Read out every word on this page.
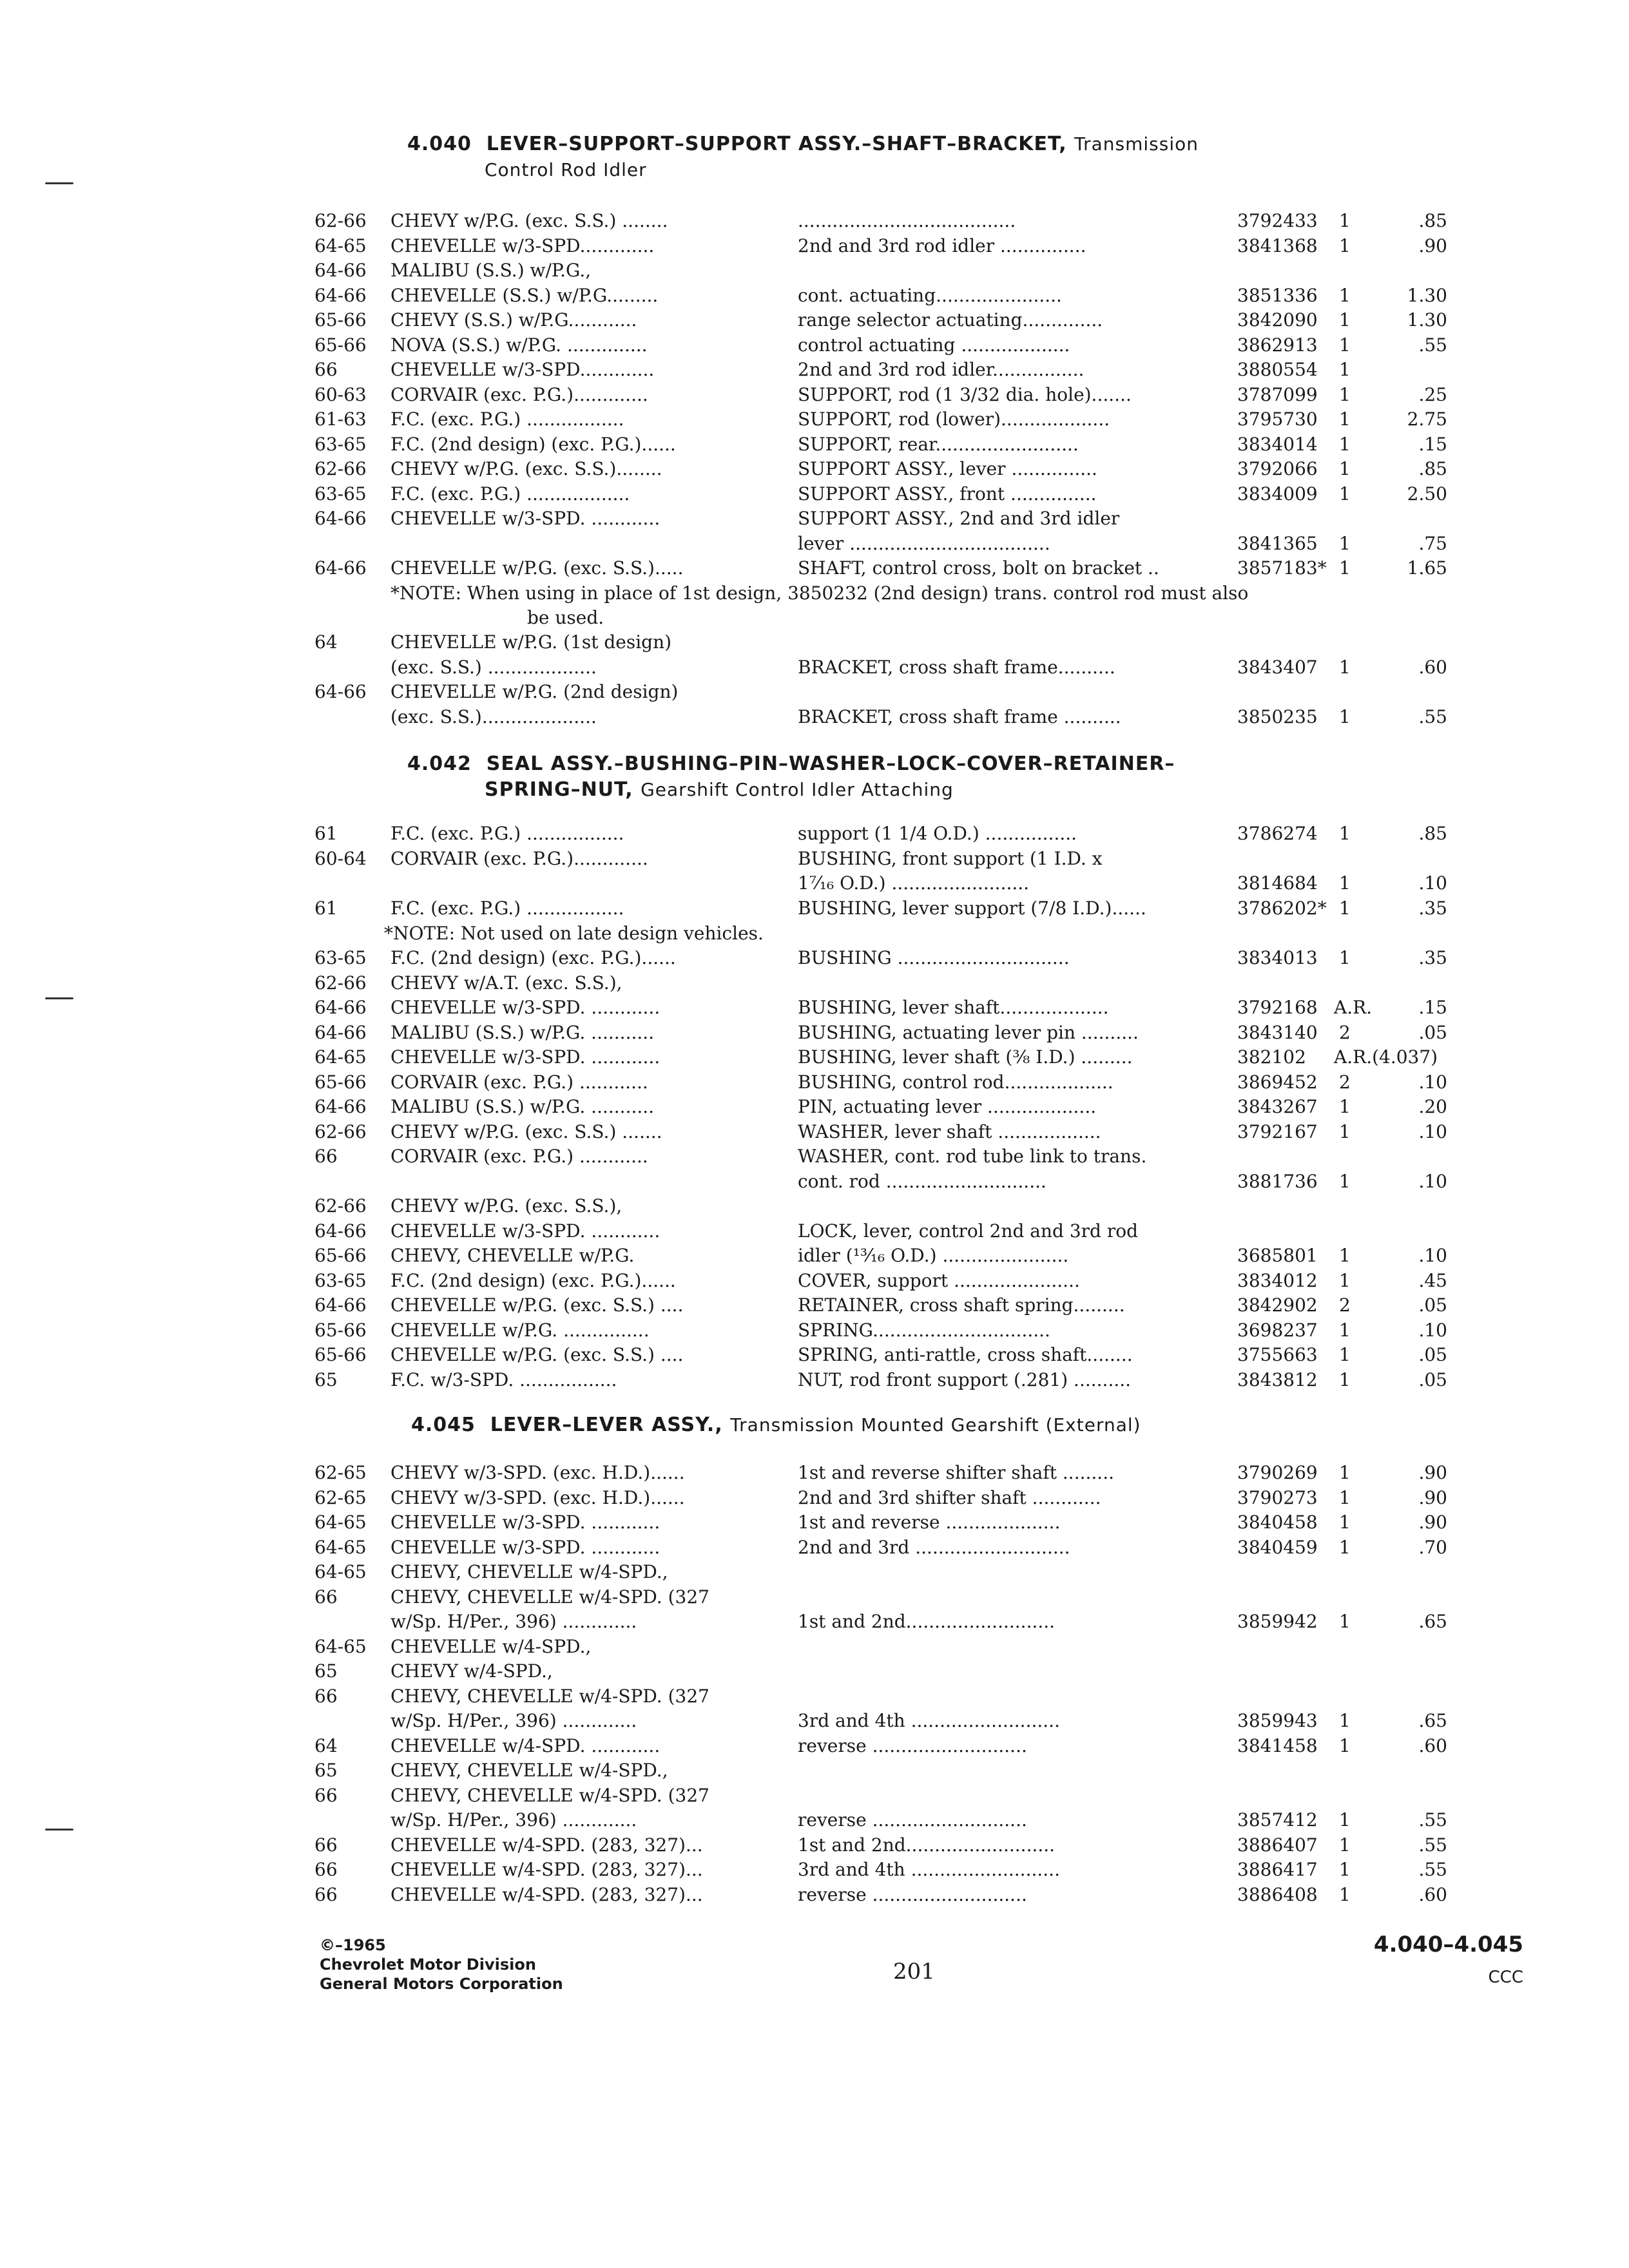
4.040 LEVER–SUPPORT–SUPPORT ASSY.–SHAFT–BRACKET, Transmission
Control Rod Idler
62-66 CHEVY w/P.G. (exc. S.S.) ........	......................................	3792433 1	.85
64-65 CHEVELLE w/3-SPD.............	2nd and 3rd rod idler ...............	3841368 1	.90
64-66 MALIBU (S.S.) w/P.G.,
64-66 CHEVELLE (S.S.) w/P.G.........	cont. actuating......................	3851336 1	1.30
65-66 CHEVY (S.S.) w/P.G............	range selector actuating..............	3842090 1	1.30
65-66 NOVA (S.S.) w/P.G. ..............	control actuating ...................	3862913 1	.55
66	CHEVELLE w/3-SPD.............	2nd and 3rd rod idler................	3880554 1
60-63 CORVAIR (exc. P.G.).............	SUPPORT, rod (1 3/32 dia. hole).......	3787099 1	.25
61-63 F.C. (exc. P.G.) .................	SUPPORT, rod (lower)...................	3795730 1	2.75
63-65 F.C. (2nd design) (exc. P.G.)......	SUPPORT, rear.........................	3834014 1	.15
62-66 CHEVY w/P.G. (exc. S.S.)........	SUPPORT ASSY., lever ...............	3792066 1	.85
63-65 F.C. (exc. P.G.) ..................	SUPPORT ASSY., front ...............	3834009 1	2.50
64-66 CHEVELLE w/3-SPD. ............	SUPPORT ASSY., 2nd and 3rd idler
lever ...................................	3841365 1	.75
64-66 CHEVELLE w/P.G. (exc. S.S.).....	SHAFT, control cross, bolt on bracket ..	3857183* 1	1.65
*NOTE: When using in place of 1st design, 3850232 (2nd design) trans. control rod must also
be used.
64	CHEVELLE w/P.G. (1st design)
(exc. S.S.) ...................	BRACKET, cross shaft frame..........	3843407 1	.60
64-66 CHEVELLE w/P.G. (2nd design)
(exc. S.S.)....................	BRACKET, cross shaft frame ..........	3850235 1	.55
4.042 SEAL ASSY.–BUSHING–PIN–WASHER–LOCK–COVER–RETAINER–
SPRING–NUT, Gearshift Control Idler Attaching
61	F.C. (exc. P.G.) .................	support (1 1/4 O.D.) ................	3786274 1	.85
60-64 CORVAIR (exc. P.G.).............	BUSHING, front support (1 I.D. x
1⁷⁄₁₆ O.D.) ........................	3814684 1	.10
61	F.C. (exc. P.G.) .................	BUSHING, lever support (7/8 I.D.)......	3786202* 1	.35
*NOTE: Not used on late design vehicles.
63-65 F.C. (2nd design) (exc. P.G.)......	BUSHING ..............................	3834013 1	.35
62-66 CHEVY w/A.T. (exc. S.S.),
64-66 CHEVELLE w/3-SPD. ............	BUSHING, lever shaft...................	3792168 A.R.	.15
64-66 MALIBU (S.S.) w/P.G. ...........	BUSHING, actuating lever pin ..........	3843140 2	.05
64-65 CHEVELLE w/3-SPD. ............	BUSHING, lever shaft (³⁄₈ I.D.) .........	382102 A.R.(4.037)
65-66 CORVAIR (exc. P.G.) ............	BUSHING, control rod...................	3869452 2	.10
64-66 MALIBU (S.S.) w/P.G. ...........	PIN, actuating lever ...................	3843267 1	.20
62-66 CHEVY w/P.G. (exc. S.S.) .......	WASHER, lever shaft ..................	3792167 1	.10
66	CORVAIR (exc. P.G.) ............	WASHER, cont. rod tube link to trans.
cont. rod ............................	3881736 1	.10
62-66 CHEVY w/P.G. (exc. S.S.),
64-66 CHEVELLE w/3-SPD. ............	LOCK, lever, control 2nd and 3rd rod
65-66 CHEVY, CHEVELLE w/P.G.	idler (¹³⁄₁₆ O.D.) ......................	3685801 1	.10
63-65 F.C. (2nd design) (exc. P.G.)......	COVER, support ......................	3834012 1	.45
64-66 CHEVELLE w/P.G. (exc. S.S.) ....	RETAINER, cross shaft spring.........	3842902 2	.05
65-66 CHEVELLE w/P.G. ...............	SPRING...............................	3698237 1	.10
65-66 CHEVELLE w/P.G. (exc. S.S.) ....	SPRING, anti-rattle, cross shaft........	3755663 1	.05
65	F.C. w/3-SPD. .................	NUT, rod front support (.281) ..........	3843812 1	.05
4.045 LEVER–LEVER ASSY., Transmission Mounted Gearshift (External)
62-65 CHEVY w/3-SPD. (exc. H.D.)......	1st and reverse shifter shaft .........	3790269 1	.90
62-65 CHEVY w/3-SPD. (exc. H.D.)......	2nd and 3rd shifter shaft ............	3790273 1	.90
64-65 CHEVELLE w/3-SPD. ............	1st and reverse ....................	3840458 1	.90
64-65 CHEVELLE w/3-SPD. ............	2nd and 3rd ...........................	3840459 1	.70
64-65 CHEVY, CHEVELLE w/4-SPD.,
66	CHEVY, CHEVELLE w/4-SPD. (327
w/Sp. H/Per., 396) .............	1st and 2nd..........................	3859942 1	.65
64-65 CHEVELLE w/4-SPD.,
65	CHEVY w/4-SPD.,
66	CHEVY, CHEVELLE w/4-SPD. (327
w/Sp. H/Per., 396) .............	3rd and 4th ..........................	3859943 1	.65
64	CHEVELLE w/4-SPD. ............	reverse ...........................	3841458 1	.60
65	CHEVY, CHEVELLE w/4-SPD.,
66	CHEVY, CHEVELLE w/4-SPD. (327
w/Sp. H/Per., 396) .............	reverse ...........................	3857412 1	.55
66	CHEVELLE w/4-SPD. (283, 327)...	1st and 2nd..........................	3886407 1	.55
66	CHEVELLE w/4-SPD. (283, 327)...	3rd and 4th ..........................	3886417 1	.55
66	CHEVELLE w/4-SPD. (283, 327)...	reverse ...........................	3886408 1	.60
©–1965
Chevrolet Motor Division
General Motors Corporation	201
4.040–4.045
CCC
